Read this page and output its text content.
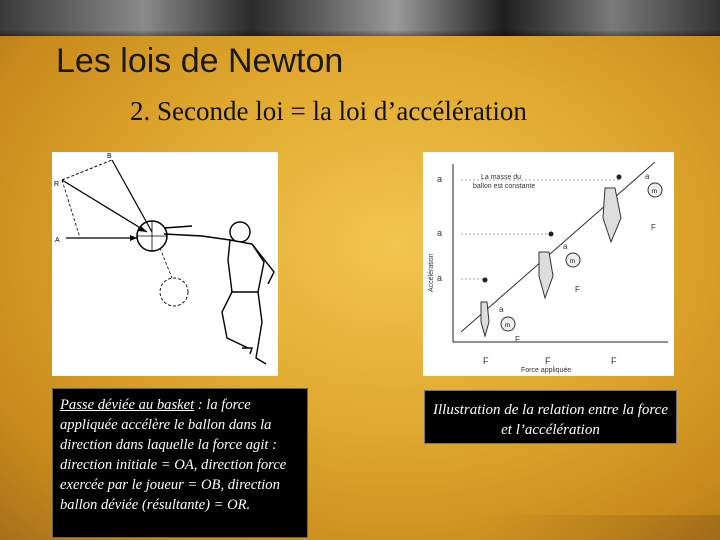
Les lois de Newton
2. Seconde loi = la loi d’accélération
B
R
A
a
a
a
F	F	F
Force appliquée
Accélération
La masse du
ballon est constante
m
m
m
a
a
a
F
F
F
Passe déviée au basket : la force appliquée accélère le ballon dans la direction dans laquelle la force agit : direction initiale = OA, direction force exercée par le joueur = OB, direction ballon déviée (résultante) = OR.
Illustration de la relation entre la force et l’accélération
